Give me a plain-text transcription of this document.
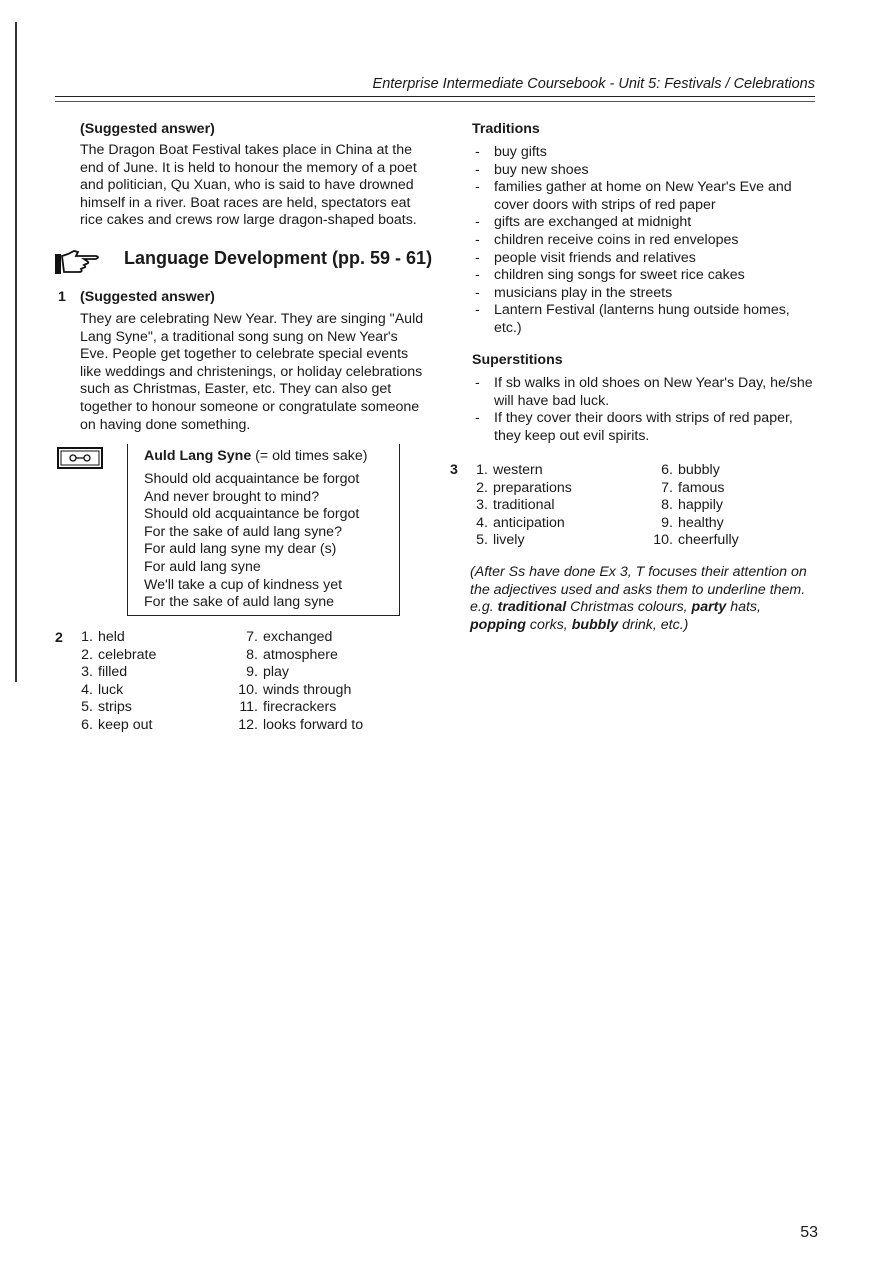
Enterprise Intermediate Coursebook - Unit 5: Festivals / Celebrations
(Suggested answer)
The Dragon Boat Festival takes place in China at the end of June. It is held to honour the memory of a poet and politician, Qu Xuan, who is said to have drowned himself in a river. Boat races are held, spectators eat rice cakes and crews row large dragon-shaped boats.
Language Development (pp. 59 - 61)
1 (Suggested answer)
They are celebrating New Year. They are singing "Auld Lang Syne", a traditional song sung on New Year's Eve. People get together to celebrate special events like weddings and christenings, or holiday celebrations such as Christmas, Easter, etc. They can also get together to honour someone or congratulate someone on having done something.
Auld Lang Syne (= old times sake)
Should old acquaintance be forgot
And never brought to mind?
Should old acquaintance be forgot
For the sake of auld lang syne?
For auld lang syne my dear (s)
For auld lang syne
We'll take a cup of kindness yet
For the sake of auld lang syne
2	1. held
2. celebrate
3. filled
4. luck
5. strips
6. keep out
7. exchanged
8. atmosphere
9. play
10. winds through
11. firecrackers
12. looks forward to
Traditions
- buy gifts
- buy new shoes
- families gather at home on New Year's Eve and cover doors with strips of red paper
- gifts are exchanged at midnight
- children receive coins in red envelopes
- people visit friends and relatives
- children sing songs for sweet rice cakes
- musicians play in the streets
- Lantern Festival (lanterns hung outside homes, etc.)
Superstitions
- If sb walks in old shoes on New Year's Day, he/she will have bad luck.
- If they cover their doors with strips of red paper, they keep out evil spirits.
3	1. western
2. preparations
3. traditional
4. anticipation
5. lively
6. bubbly
7. famous
8. happily
9. healthy
10. cheerfully
(After Ss have done Ex 3, T focuses their attention on the adjectives used and asks them to underline them. e.g. traditional Christmas colours, party hats, popping corks, bubbly drink, etc.)
53
